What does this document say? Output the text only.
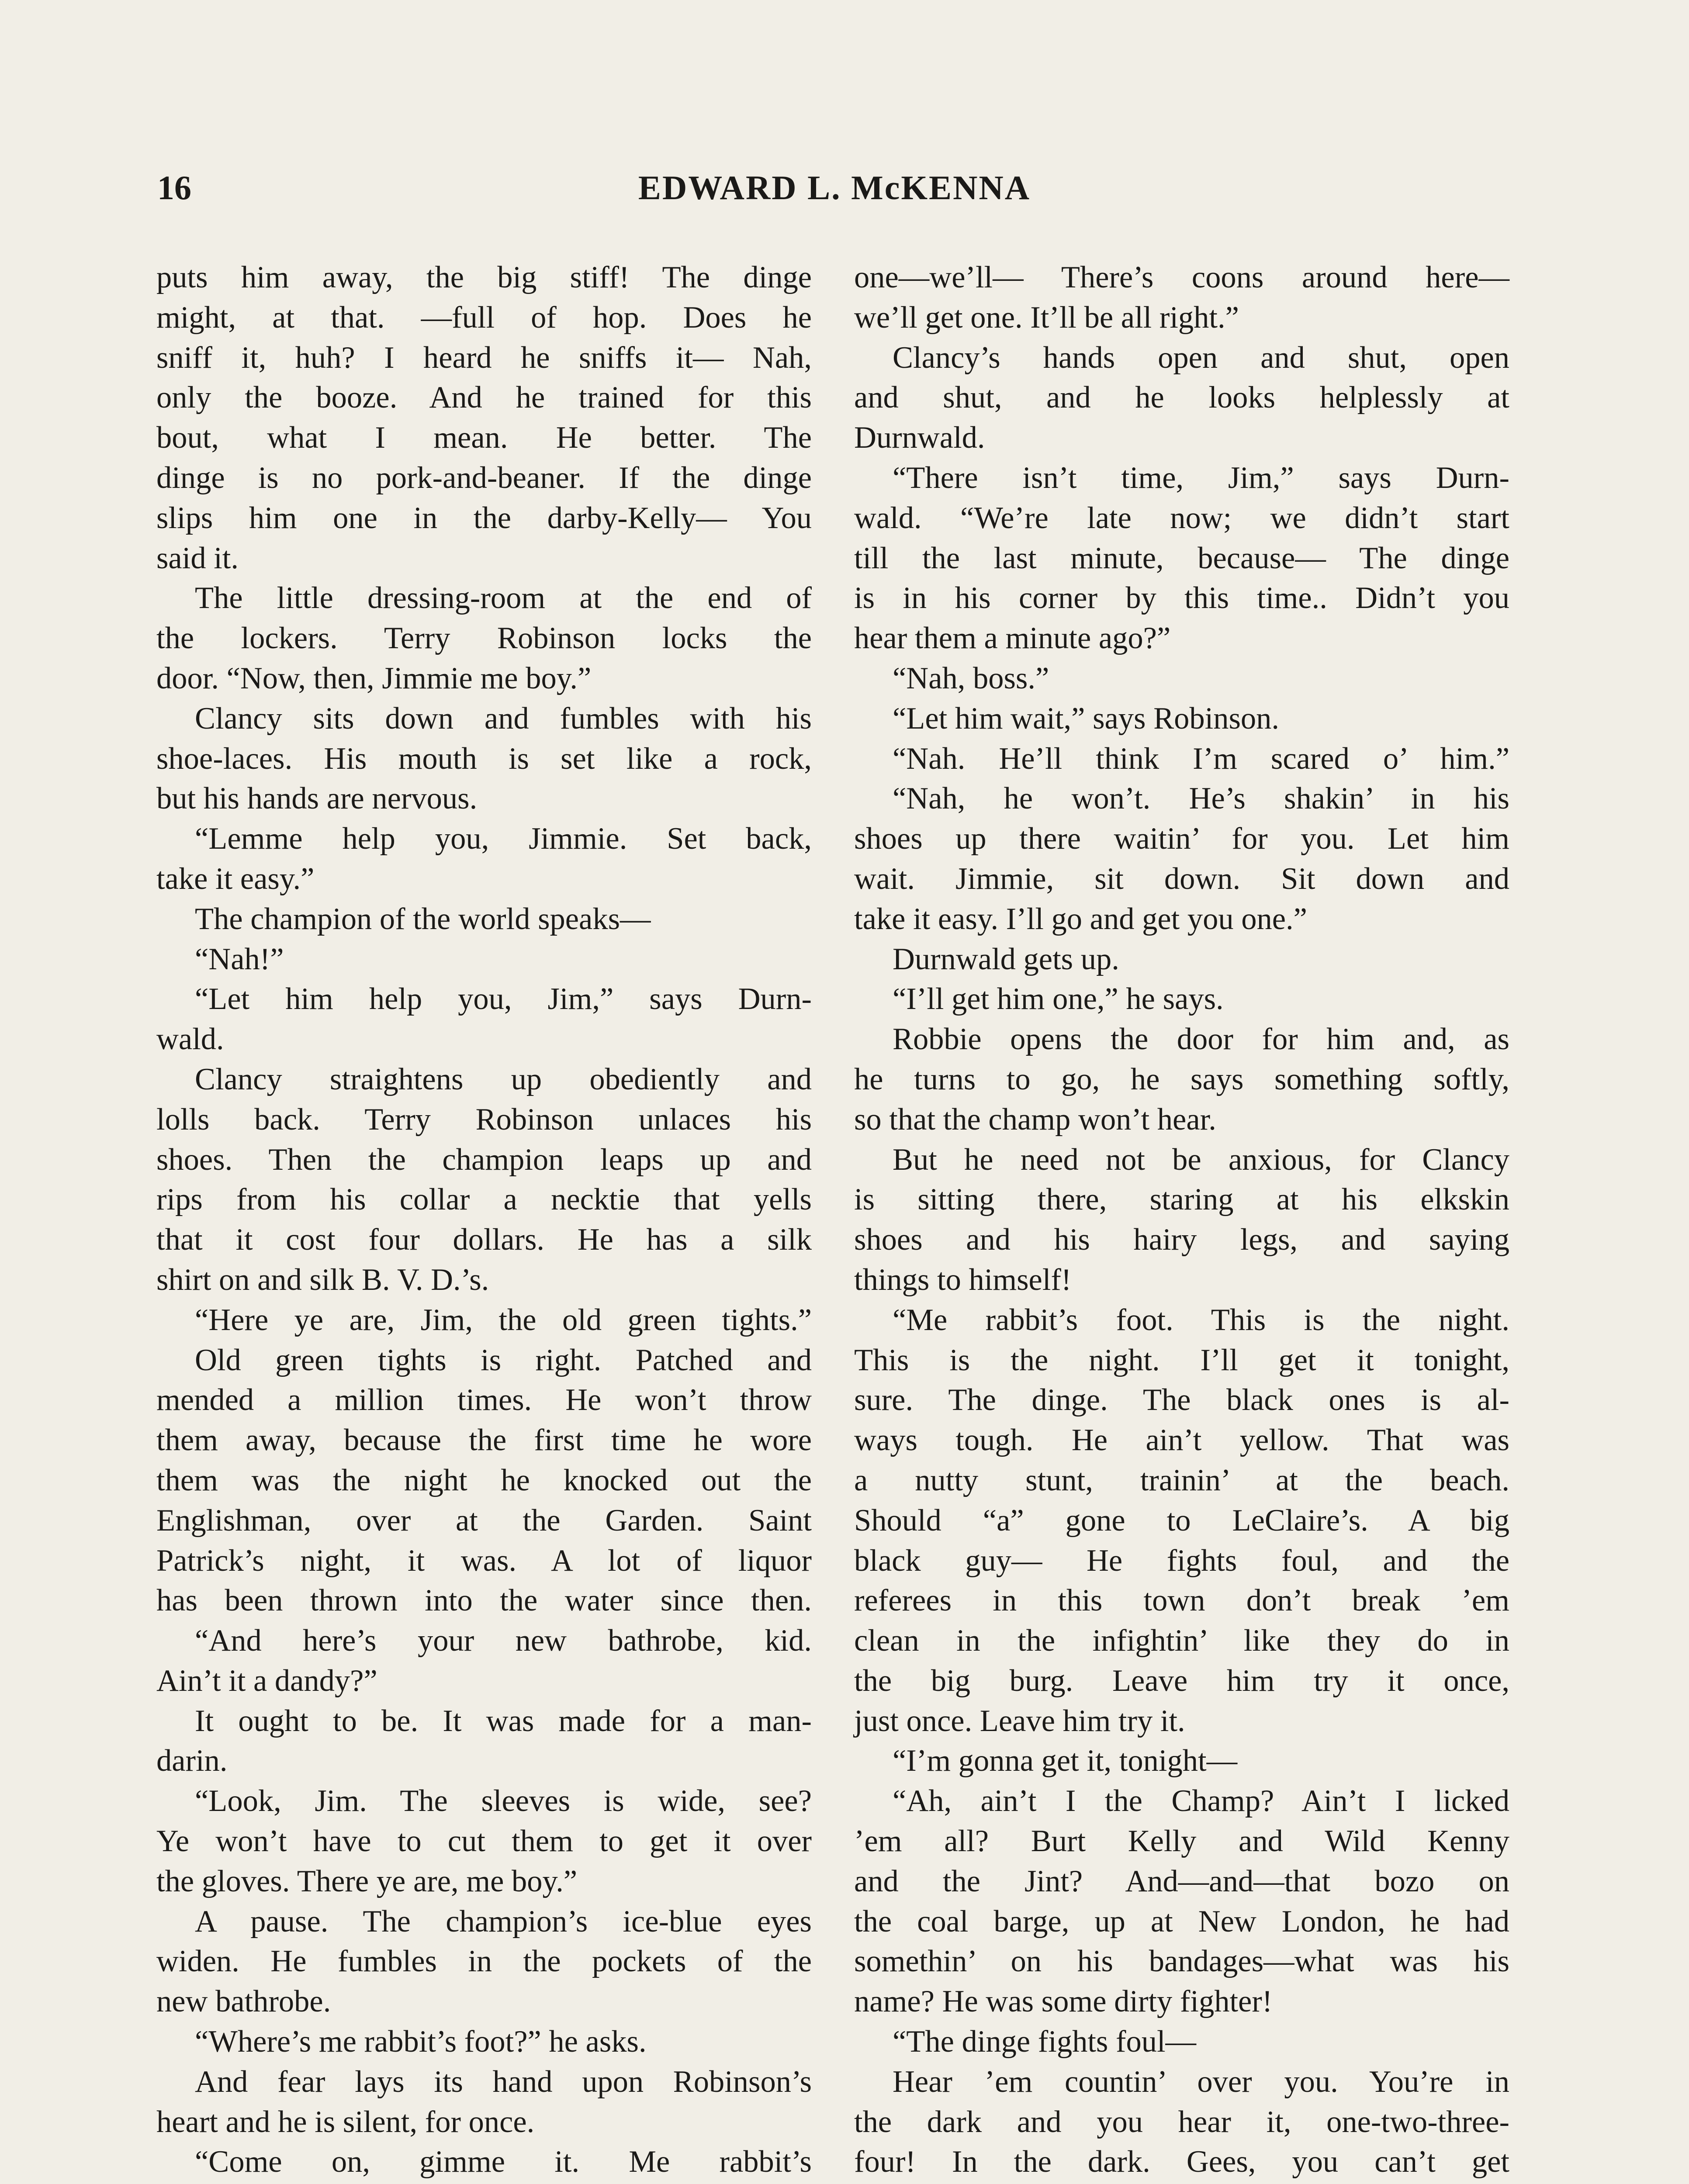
16	EDWARD L. McKENNA
puts him away, the big stiff! The dinge
might, at that. —full of hop. Does he
sniff it, huh? I heard he sniffs it— Nah,
only the booze. And he trained for this
bout, what I mean. He better. The
dinge is no pork-and-beaner. If the dinge
slips him one in the darby-Kelly— You
said it.
The little dressing-room at the end of
the lockers. Terry Robinson locks the
door. “Now, then, Jimmie me boy.”
Clancy sits down and fumbles with his
shoe-laces. His mouth is set like a rock,
but his hands are nervous.
“Lemme help you, Jimmie. Set back,
take it easy.”
The champion of the world speaks—
“Nah!”
“Let him help you, Jim,” says Durn-
wald.
Clancy straightens up obediently and
lolls back. Terry Robinson unlaces his
shoes. Then the champion leaps up and
rips from his collar a necktie that yells
that it cost four dollars. He has a silk
shirt on and silk B. V. D.’s.
“Here ye are, Jim, the old green tights.”
Old green tights is right. Patched and
mended a million times. He won’t throw
them away, because the first time he wore
them was the night he knocked out the
Englishman, over at the Garden. Saint
Patrick’s night, it was. A lot of liquor
has been thrown into the water since then.
“And here’s your new bathrobe, kid.
Ain’t it a dandy?”
It ought to be. It was made for a man-
darin.
“Look, Jim. The sleeves is wide, see?
Ye won’t have to cut them to get it over
the gloves. There ye are, me boy.”
A pause. The champion’s ice-blue eyes
widen. He fumbles in the pockets of the
new bathrobe.
“Where’s me rabbit’s foot?” he asks.
And fear lays its hand upon Robinson’s
heart and he is silent, for once.
“Come on, gimme it. Me rabbit’s
one—we’ll— There’s coons around here—
we’ll get one. It’ll be all right.”
Clancy’s hands open and shut, open
and shut, and he looks helplessly at
Durnwald.
“There isn’t time, Jim,” says Durn-
wald. “We’re late now; we didn’t start
till the last minute, because— The dinge
is in his corner by this time.. Didn’t you
hear them a minute ago?”
“Nah, boss.”
“Let him wait,” says Robinson.
“Nah. He’ll think I’m scared o’ him.”
“Nah, he won’t. He’s shakin’ in his
shoes up there waitin’ for you. Let him
wait. Jimmie, sit down. Sit down and
take it easy. I’ll go and get you one.”
Durnwald gets up.
“I’ll get him one,” he says.
Robbie opens the door for him and, as
he turns to go, he says something softly,
so that the champ won’t hear.
But he need not be anxious, for Clancy
is sitting there, staring at his elkskin
shoes and his hairy legs, and saying
things to himself!
“Me rabbit’s foot. This is the night.
This is the night. I’ll get it tonight,
sure. The dinge. The black ones is al-
ways tough. He ain’t yellow. That was
a nutty stunt, trainin’ at the beach.
Should “a” gone to LeClaire’s. A big
black guy— He fights foul, and the
referees in this town don’t break ’em
clean in the infightin’ like they do in
the big burg. Leave him try it once,
just once. Leave him try it.
“I’m gonna get it, tonight—
“Ah, ain’t I the Champ? Ain’t I licked
’em all? Burt Kelly and Wild Kenny
and the Jint? And—and—that bozo on
the coal barge, up at New London, he had
somethin’ on his bandages—what was his
name? He was some dirty fighter!
“The dinge fights foul—
Hear ’em countin’ over you. You’re in
the dark and you hear it, one-two-three-
four! In the dark. Gees, you can’t get
